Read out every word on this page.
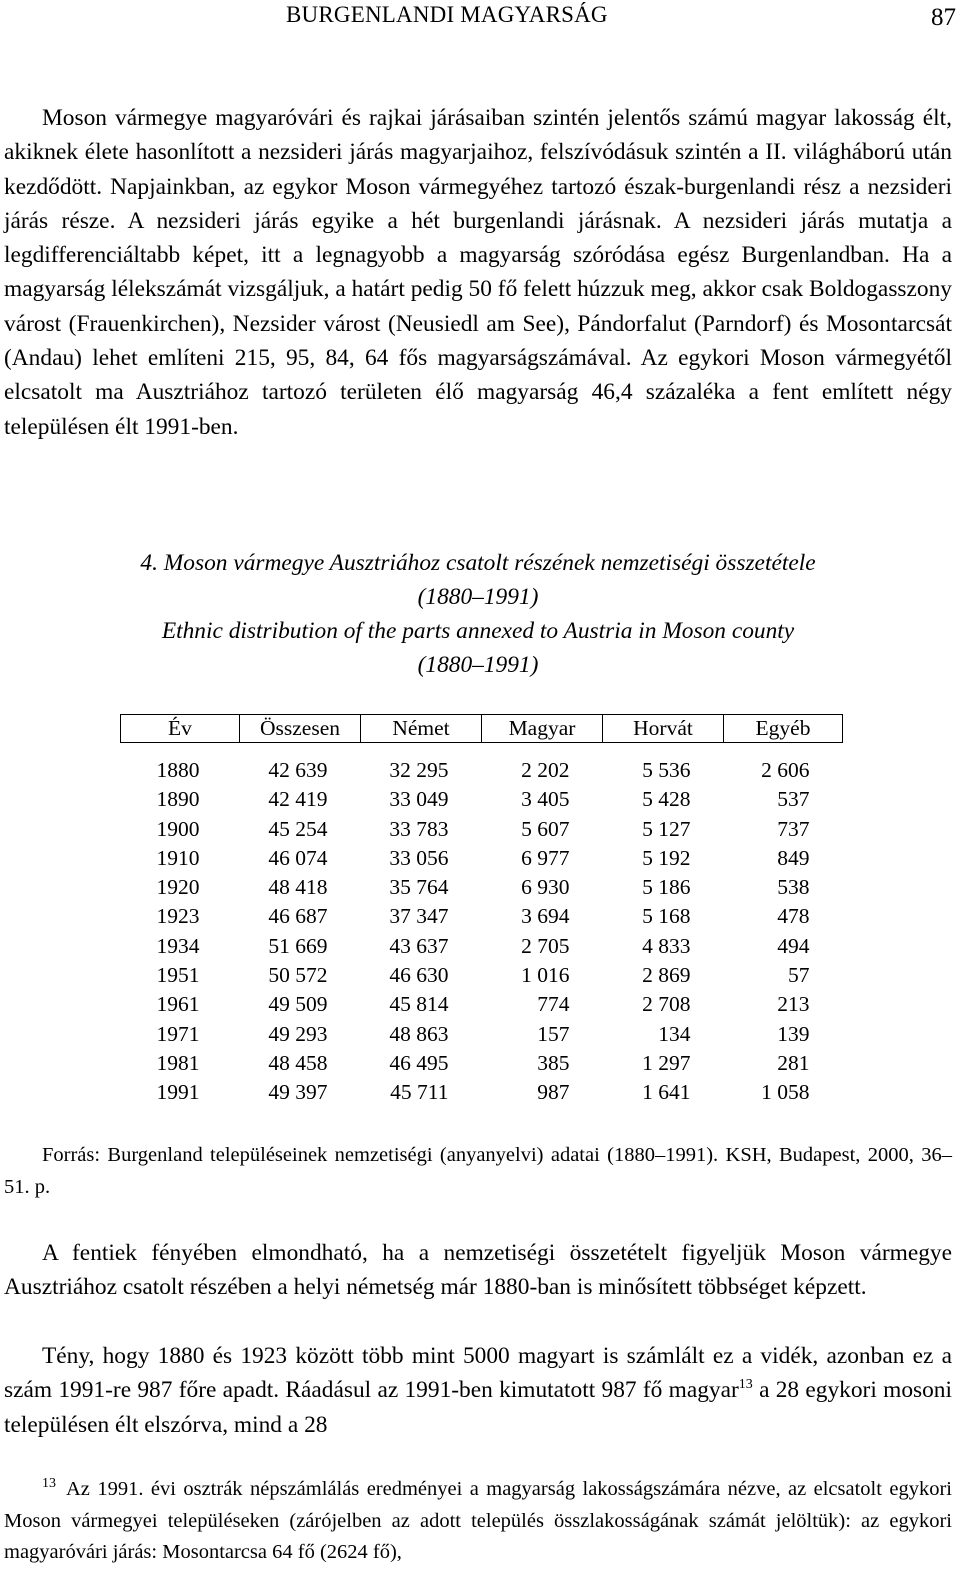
BURGENLANDI MAGYARSÁG	87

Moson vármegye magyaróvári és rajkai járásaiban szintén jelentős számú magyar lakosság élt, akiknek élete hasonlított a nezsideri járás magyarjaihoz, felszívódásuk szintén a II. világháború után kezdődött. Napjainkban, az egykor Moson vármegyéhez tartozó észak-burgenlandi rész a nezsideri járás része. A nezsideri járás egyike a hét burgenlandi járásnak. A nezsideri járás mutatja a legdifferenciáltabb képet, itt a legnagyobb a magyarság szóródása egész Burgenlandban. Ha a magyarság lélekszámát vizsgáljuk, a határt pedig 50 fő felett húzzuk meg, akkor csak Boldogasszony várost (Frauenkirchen), Nezsider várost (Neusiedl am See), Pándorfalut (Parndorf) és Mosontarcsát (Andau) lehet említeni 215, 95, 84, 64 fős magyarságszámával. Az egykori Moson vármegyétől elcsatolt ma Ausztriához tartozó területen élő magyarság 46,4 százaléka a fent említett négy településen élt 1991-ben.

4. Moson vármegye Ausztriához csatolt részének nemzetiségi összetétele
(1880–1991)
Ethnic distribution of the parts annexed to Austria in Moson county
(1880–1991)
Év	Összesen	Német	Magyar	Horvát	Egyéb

1880	42 639	32 295	2 202	5 536	2 606
1890	42 419	33 049	3 405	5 428	537
1900	45 254	33 783	5 607	5 127	737
1910	46 074	33 056	6 977	5 192	849
1920	48 418	35 764	6 930	5 186	538
1923	46 687	37 347	3 694	5 168	478
1934	51 669	43 637	2 705	4 833	494
1951	50 572	46 630	1 016	2 869	57
1961	49 509	45 814	774	2 708	213
1971	49 293	48 863	157	134	139
1981	48 458	46 495	385	1 297	281
1991	49 397	45 711	987	1 641	1 058

Forrás: Burgenland településeinek nemzetiségi (anyanyelvi) adatai (1880–1991). KSH, Budapest, 2000, 36–51. p.

A fentiek fényében elmondható, ha a nemzetiségi összetételt figyeljük Moson vármegye Ausztriához csatolt részében a helyi németség már 1880-ban is minősített többséget képzett.

Tény, hogy 1880 és 1923 között több mint 5000 magyart is számlált ez a vidék, azonban ez a szám 1991-re 987 főre apadt. Ráadásul az 1991-ben kimutatott 987 fő magyar$^{13}$ a 28 egykori mosoni településen élt elszórva, mind a 28

$^{13}$ Az 1991. évi osztrák népszámlálás eredményei a magyarság lakosságszámára nézve, az elcsatolt egykori Moson vármegyei településeken (zárójelben az adott település összlakosságának számát jelöltük): az egykori magyaróvári járás: Mosontarcsa 64 fő (2624 fő),
